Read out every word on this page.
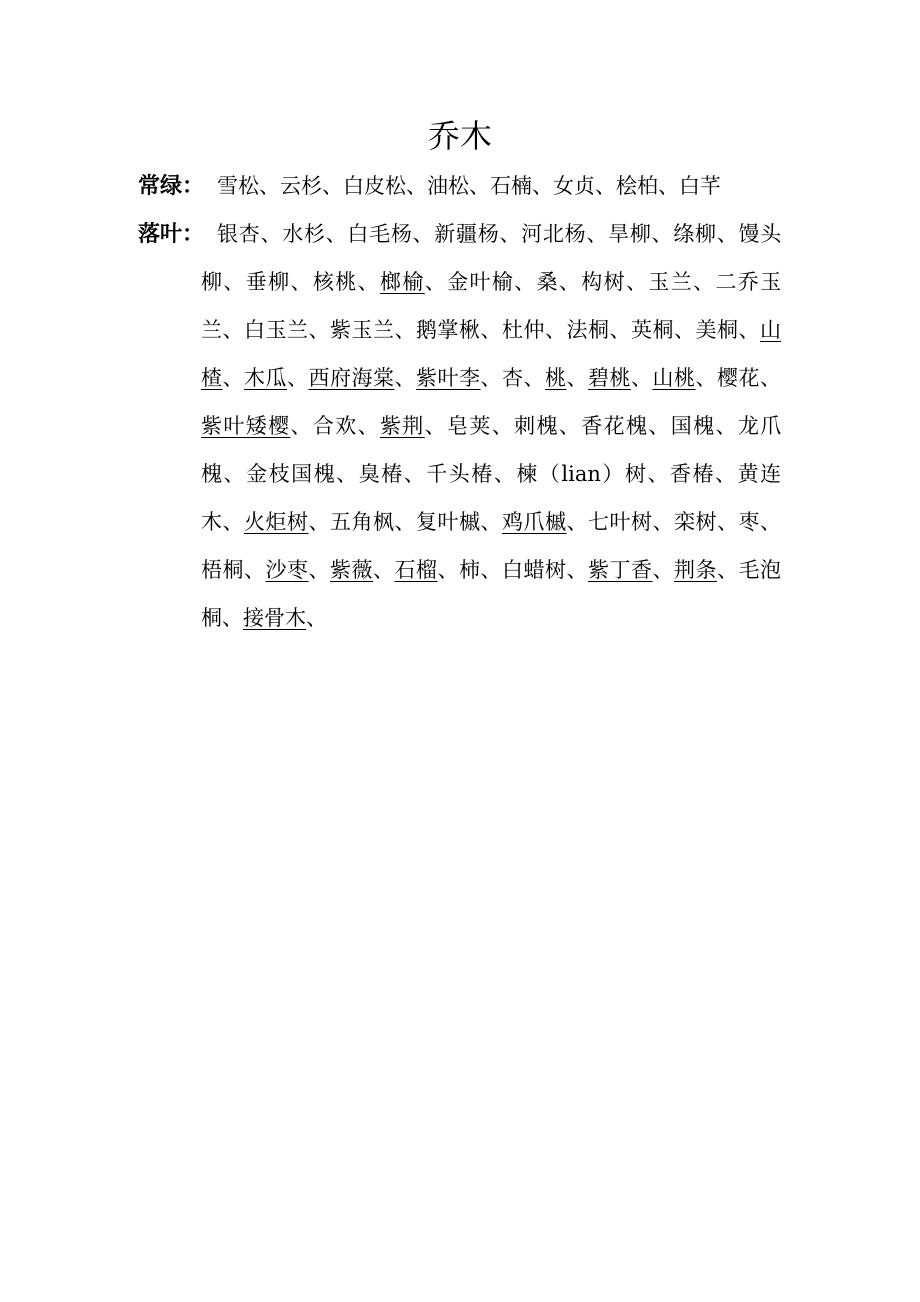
乔木
常绿： 雪松、云杉、白皮松、油松、石楠、女贞、桧柏、白芊
落叶： 银杏、水杉、白毛杨、新疆杨、河北杨、旱柳、绦柳、馒头柳、垂柳、核桃、榔榆、金叶榆、桑、构树、玉兰、二乔玉兰、白玉兰、紫玉兰、鹅掌楸、杜仲、法桐、英桐、美桐、山楂、木瓜、西府海棠、紫叶李、杏、桃、碧桃、山桃、樱花、紫叶矮樱、合欢、紫荆、皂荚、刺槐、香花槐、国槐、龙爪槐、金枝国槐、臭椿、千头椿、楝（lian）树、香椿、黄连木、火炬树、五角枫、复叶槭、鸡爪槭、七叶树、栾树、枣、梧桐、沙枣、紫薇、石榴、柿、白蜡树、紫丁香、荆条、毛泡桐、接骨木、
